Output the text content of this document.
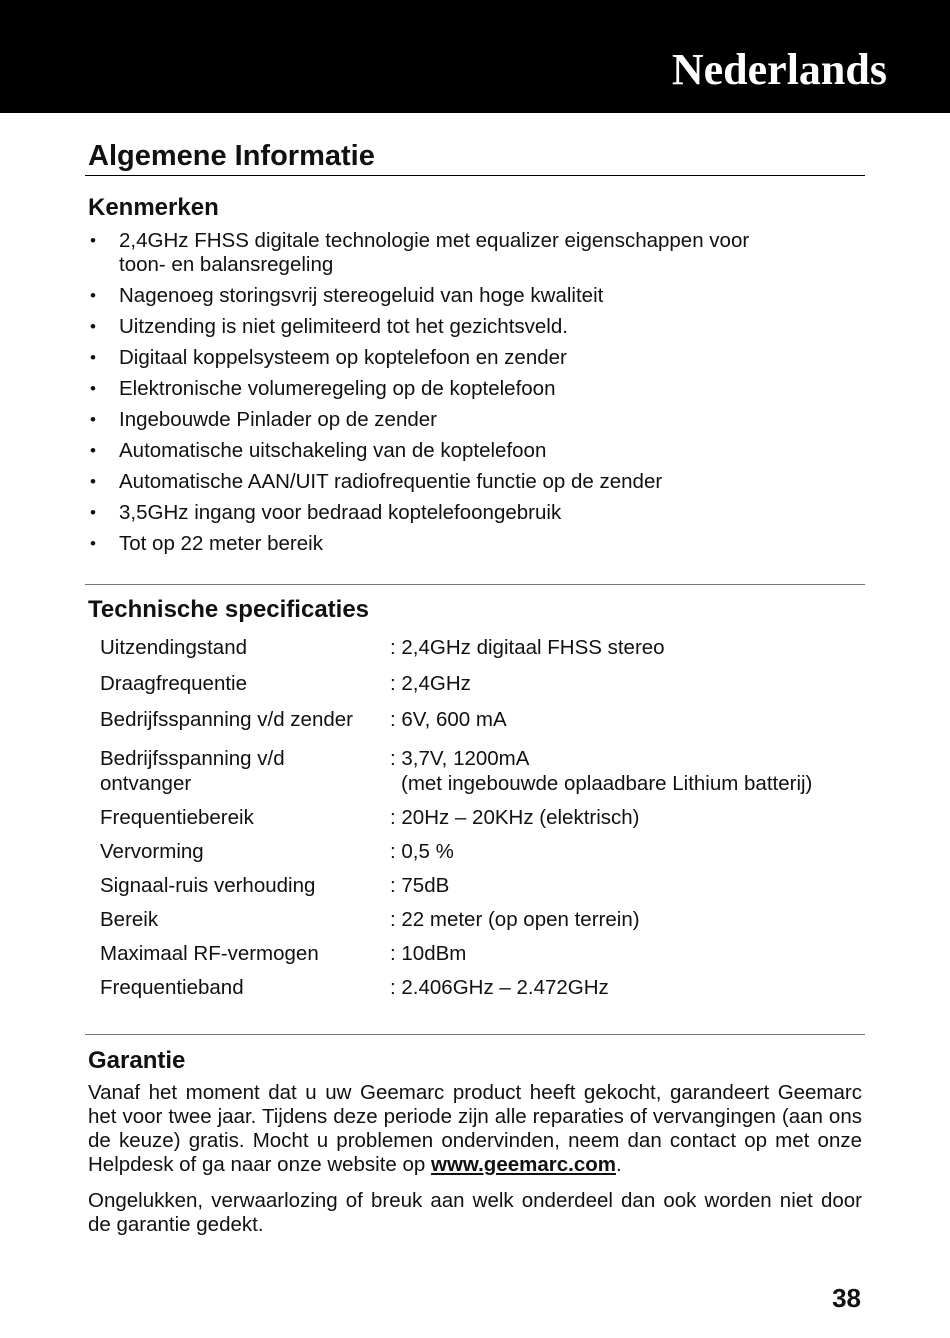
Nederlands
Algemene Informatie
Kenmerken
• 2,4GHz FHSS digitale technologie met equalizer eigenschappen voor
toon- en balansregeling
• Nagenoeg storingsvrij stereogeluid van hoge kwaliteit
• Uitzending is niet gelimiteerd tot het gezichtsveld.
• Digitaal koppelsysteem op koptelefoon en zender
• Elektronische volumeregeling op de koptelefoon
• Ingebouwde Pinlader op de zender
• Automatische uitschakeling van de koptelefoon
• Automatische AAN/UIT radiofrequentie functie op de zender
• 3,5GHz ingang voor bedraad koptelefoongebruik
• Tot op 22 meter bereik
Technische specificaties
Uitzendingstand	: 2,4GHz digitaal FHSS stereo

Draagfrequentie	: 2,4GHz

Bedrijfsspanning v/d zender	: 6V, 600 mA

Bedrijfsspanning v/d
ontvanger	: 3,7V, 1200mA
(met ingebouwde oplaadbare Lithium batterij)

Frequentiebereik	: 20Hz – 20KHz (elektrisch)

Vervorming	: 0,5 %

Signaal-ruis verhouding	: 75dB

Bereik	: 22 meter (op open terrein)

Maximaal RF-vermogen	: 10dBm

Frequentieband	: 2.406GHz – 2.472GHz
Garantie

Vanaf het moment dat u uw Geemarc product heeft gekocht, garandeert Geemarc het voor twee jaar. Tijdens deze periode zijn alle reparaties of vervangingen (aan ons de keuze) gratis. Mocht u problemen ondervinden, neem dan contact op met onze Helpdesk of ga naar onze website op www.geemarc.com.

Ongelukken, verwaarlozing of breuk aan welk onderdeel dan ook worden niet door de garantie gedekt.

38
